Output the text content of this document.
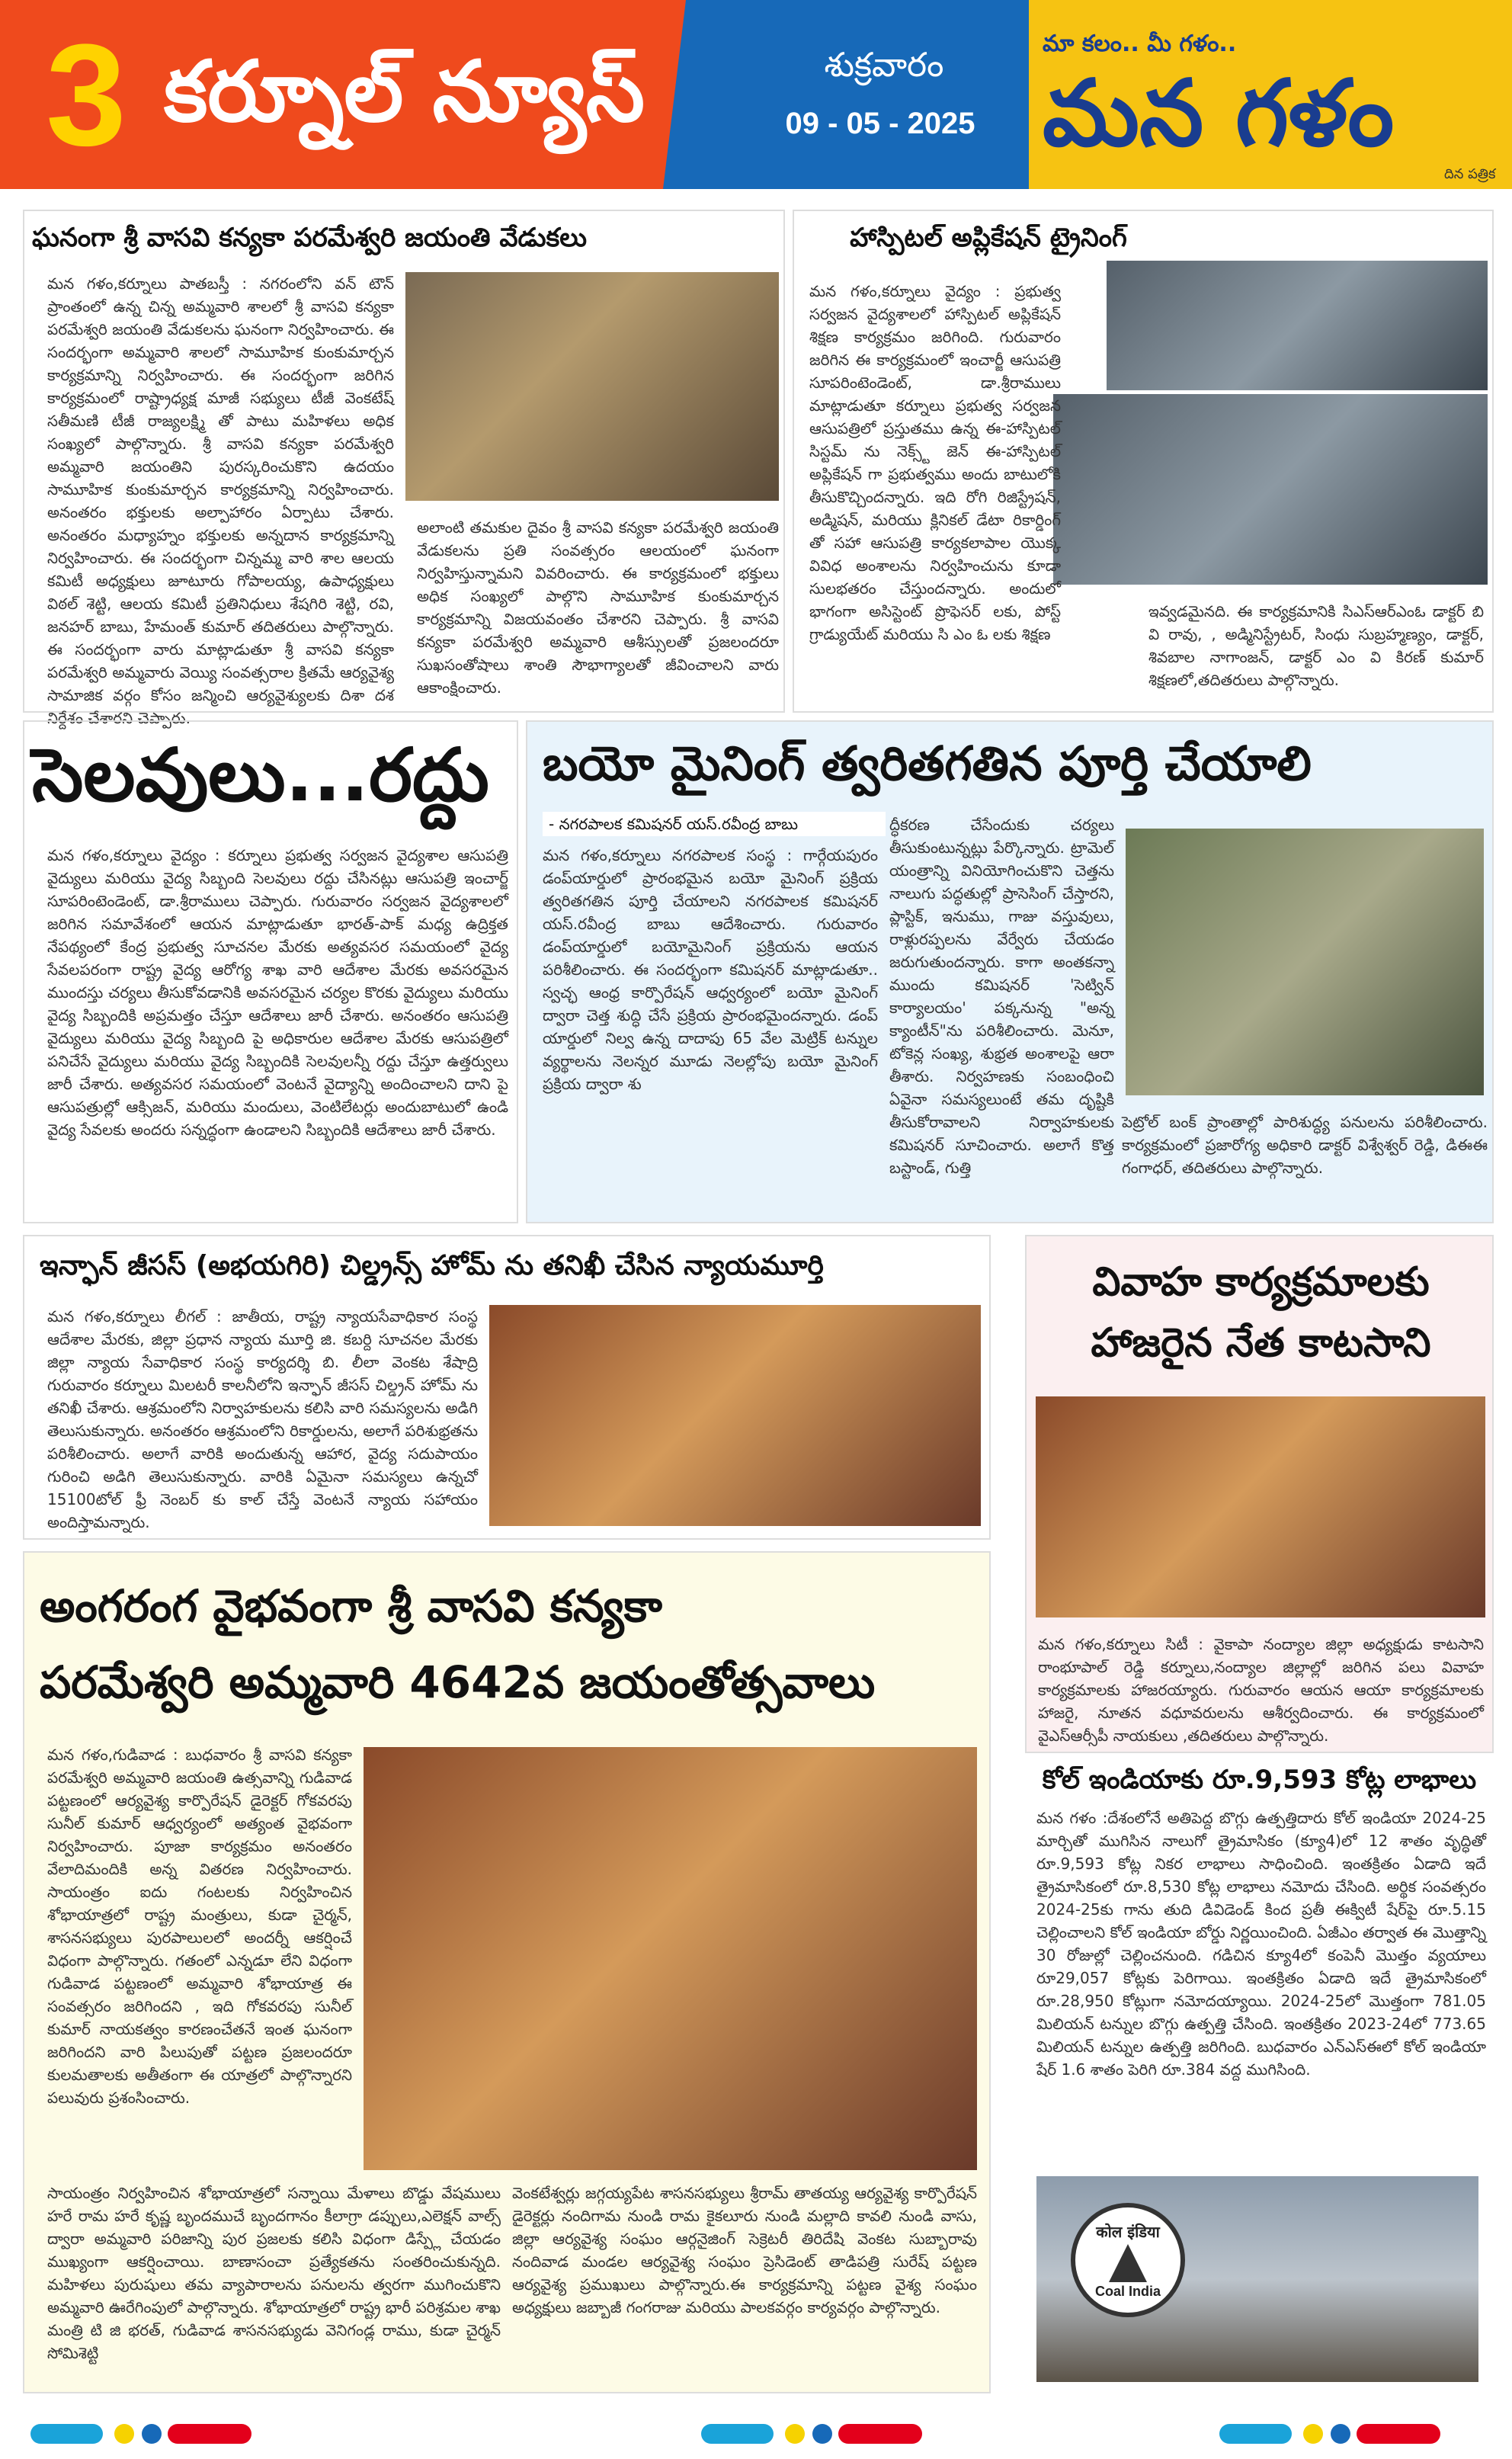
3 కర్నూల్ న్యూస్	శుక్రవారం
09 - 05 - 2025
మా కలం.. మీ గళం..
మన గళం
దిన పత్రిక
ఘనంగా శ్రీ వాసవి కన్యకా పరమేశ్వరి జయంతి వేడుకలు
మన గళం,కర్నూలు పాతబస్తీ : నగరంలోని వన్ టౌన్ ప్రాంతంలో ఉన్న చిన్న అమ్మవారి శాలలో శ్రీ వాసవి కన్యకా పరమేశ్వరి జయంతి వేడుకలను ఘనంగా నిర్వహించారు. ఈ సందర్భంగా అమ్మవారి శాలలో సామూహిక కుంకుమార్చన కార్యక్రమాన్ని నిర్వహించారు. ఈ సందర్భంగా జరిగిన కార్యక్రమంలో రాష్ట్రాధ్యక్ష మాజీ సభ్యులు టీజీ వెంకటేష్ సతీమణి టీజీ రాజ్యలక్ష్మి తో పాటు మహిళలు అధిక సంఖ్యలో పాల్గొన్నారు. శ్రీ వాసవి కన్యకా పరమేశ్వరి అమ్మవారి జయంతిని పురస్కరించుకొని ఉదయం సామూహిక కుంకుమార్చన కార్యక్రమాన్ని నిర్వహించారు. అనంతరం భక్తులకు అల్పాహారం ఏర్పాటు చేశారు. అనంతరం మధ్యాహ్నం భక్తులకు అన్నదాన కార్యక్రమాన్ని నిర్వహించారు. ఈ సందర్భంగా చిన్నమ్మ వారి శాల ఆలయ కమిటీ అధ్యక్షులు జూటూరు గోపాలయ్య, ఉపాధ్యక్షులు విఠల్ శెట్టి, ఆలయ కమిటీ ప్రతినిధులు శేషగిరి శెట్టి, రవి, జనహర్ బాబు, హేమంత్ కుమార్ తదితరులు పాల్గొన్నారు. ఈ సందర్భంగా వారు మాట్లాడుతూ శ్రీ వాసవి కన్యకా పరమేశ్వరి అమ్మవారు వెయ్యి సంవత్సరాల క్రితమే ఆర్యవైశ్య సామాజిక వర్గం కోసం జన్మించి ఆర్యవైశ్యులకు దిశా దశ నిర్దేశం చేశారని చెప్పారు.
అలాంటి తమకుల దైవం శ్రీ వాసవి కన్యకా పరమేశ్వరి జయంతి వేడుకలను ప్రతి సంవత్సరం ఆలయంలో ఘనంగా నిర్వహిస్తున్నామని వివరించారు. ఈ కార్యక్రమంలో భక్తులు అధిక సంఖ్యలో పాల్గొని సామూహిక కుంకుమార్చన కార్యక్రమాన్ని విజయవంతం చేశారని చెప్పారు. శ్రీ వాసవి కన్యకా పరమేశ్వరి అమ్మవారి ఆశీస్సులతో ప్రజలందరూ సుఖసంతోషాలు శాంతి సౌభాగ్యాలతో జీవించాలని వారు ఆకాంక్షించారు.
హాస్పిటల్ అప్లికేషన్ ట్రైనింగ్
మన గళం,కర్నూలు వైద్యం : ప్రభుత్వ సర్వజన వైద్యశాలలో హాస్పిటల్ అప్లికేషన్ శిక్షణ కార్యక్రమం జరిగింది. గురువారం జరిగిన ఈ కార్యక్రమంలో ఇంచార్జీ ఆసుపత్రి సూపరింటెండెంట్, డా.శ్రీరాములు మాట్లాడుతూ కర్నూలు ప్రభుత్వ సర్వజన ఆసుపత్రిలో ప్రస్తుతము ఉన్న ఈ-హాస్పిటల్ సిస్టమ్ ను నెక్స్ట్ జెన్ ఈ-హాస్పిటల్ అప్లికేషన్ గా ప్రభుత్వము అందు బాటులోకి తీసుకొచ్చిందన్నారు. ఇది రోగి రిజిస్ట్రేషన్, అడ్మిషన్, మరియు క్లినికల్ డేటా రికార్డింగ్ తో సహా ఆసుపత్రి కార్యకలాపాల యొక్క వివిధ అంశాలను నిర్వహించును కూడా సులభతరం చేస్తుందన్నారు. అందులో భాగంగా అసిస్టెంట్ ప్రొఫెసర్ లకు, పోస్ట్ గ్రాడ్యుయేట్ మరియు సి ఎం ఓ లకు శిక్షణ
ఇవ్వడమైనది. ఈ కార్యక్రమానికి సిఎస్ఆర్ఎంఓ డాక్టర్ బి వి రావు, , అడ్మినిస్ట్రేటర్, సింధు సుబ్రహ్మణ్యం, డాక్టర్, శివబాల నాగాంజన్, డాక్టర్ ఎం వి కిరణ్ కుమార్ శిక్షణలో,తదితరులు పాల్గొన్నారు.
సెలవులు...రద్దు
మన గళం,కర్నూలు వైద్యం : కర్నూలు ప్రభుత్వ సర్వజన వైద్యశాల ఆసుపత్రి వైద్యులు మరియు వైద్య సిబ్బంది సెలవులు రద్దు చేసినట్లు ఆసుపత్రి ఇంచార్జ్ సూపరింటెండెంట్, డా.శ్రీరాములు చెప్పారు. గురువారం సర్వజన వైద్యశాలలో జరిగిన సమావేశంలో ఆయన మాట్లాడుతూ భారత్-పాక్ మధ్య ఉద్రిక్తత నేపథ్యంలో కేంద్ర ప్రభుత్వ సూచనల మేరకు అత్యవసర సమయంలో వైద్య సేవలపరంగా రాష్ట్ర వైద్య ఆరోగ్య శాఖ వారి ఆదేశాల మేరకు అవసరమైన ముందస్తు చర్యలు తీసుకోవడానికి అవసరమైన చర్యల కొరకు వైద్యులు మరియు వైద్య సిబ్బందికి అప్రమత్తం చేస్తూ ఆదేశాలు జారీ చేశారు. అనంతరం ఆసుపత్రి వైద్యులు మరియు వైద్య సిబ్బంది పై అధికారుల ఆదేశాల మేరకు ఆసుపత్రిలో పనిచేసే వైద్యులు మరియు వైద్య సిబ్బందికి సెలవులన్నీ రద్దు చేస్తూ ఉత్తర్వులు జారీ చేశారు. అత్యవసర సమయంలో వెంటనే వైద్యాన్ని అందించాలని దాని పై ఆసుపత్రుల్లో ఆక్సిజన్, మరియు మందులు, వెంటిలేటర్లు అందుబాటులో ఉండి వైద్య సేవలకు అందరు సన్నద్ధంగా ఉండాలని సిబ్బందికి ఆదేశాలు జారీ చేశారు.
బయో మైనింగ్ త్వరితగతిన పూర్తి చేయాలి
- నగరపాలక కమిషనర్ యస్.రవీంద్ర బాబు
మన గళం,కర్నూలు నగరపాలక సంస్థ : గార్గేయపురం డంప్‌యార్డులో ప్రారంభమైన బయో మైనింగ్ ప్రక్రియ త్వరితగతిన పూర్తి చేయాలని నగరపాలక కమిషనర్ యస్.రవీంద్ర బాబు ఆదేశించారు. గురువారం డంప్‌యార్డులో బయోమైనింగ్ ప్రక్రియను ఆయన పరిశీలించారు. ఈ సందర్భంగా కమిషనర్ మాట్లాడుతూ.. స్వచ్ఛ ఆంధ్ర కార్పొరేషన్ ఆధ్వర్యంలో బయో మైనింగ్ ద్వారా చెత్త శుద్ధి చేసే ప్రక్రియ ప్రారంభమైందన్నారు. డంప్ యార్డులో నిల్వ ఉన్న దాదాపు 65 వేల మెట్రిక్ టన్నుల వ్యర్థాలను నెలన్నర మూడు నెలల్లోపు బయో మైనింగ్ ప్రక్రియ ద్వారా శు
ద్ధీకరణ చేసేందుకు చర్యలు తీసుకుంటున్నట్లు పేర్కొన్నారు. ట్రామెల్ యంత్రాన్ని వినియోగించుకొని చెత్తను నాలుగు పద్ధతుల్లో ప్రాసెసింగ్ చేస్తారని, ప్లాస్టిక్, ఇనుము, గాజు వస్తువులు, రాళ్లురప్పలను వేర్వేరు చేయడం జరుగుతుందన్నారు. కాగా అంతకన్నా ముందు కమిషనర్ 'సెట్విన్ కార్యాలయం' పక్కనున్న "అన్న క్యాంటీన్"ను పరిశీలించారు. మెనూ, టోకెన్ల సంఖ్య, శుభ్రత అంశాలపై ఆరా తీశారు. నిర్వహణకు సంబంధించి ఏవైనా సమస్యలుంటే తమ దృష్టికి తీసుకోరావాలని నిర్వాహకులకు కమిషనర్ సూచించారు. అలాగే కొత్త బస్టాండ్, గుత్తి
పెట్రోల్ బంక్ ప్రాంతాల్లో పారిశుద్ధ్య పనులను పరిశీలించారు. కార్యక్రమంలో ప్రజారోగ్య అధికారి డాక్టర్ విశ్వేశ్వర్ రెడ్డి, డిఈఈ గంగాధర్, తదితరులు పాల్గొన్నారు.
ఇన్ఫాన్ జీసస్ (అభయగిరి) చిల్డ్రన్స్ హోమ్ ను తనిఖీ చేసిన న్యాయమూర్తి
మన గళం,కర్నూలు లీగల్ : జాతీయ, రాష్ట్ర న్యాయసేవాధికార సంస్థ ఆదేశాల మేరకు, జిల్లా ప్రధాన న్యాయ మూర్తి జి. కబర్ది సూచనల మేరకు జిల్లా న్యాయ సేవాధికార సంస్థ కార్యదర్శి బి. లీలా వెంకట శేషాద్రి గురువారం కర్నూలు మిలటరీ కాలనీలోని ఇన్ఫాన్ జీసస్ చిల్డ్రన్ హోమ్ ను తనిఖీ చేశారు. ఆశ్రమంలోని నిర్వాహకులను కలిసి వారి సమస్యలను అడిగి తెలుసుకున్నారు. అనంతరం ఆశ్రమంలోని రికార్డులను, అలాగే పరిశుభ్రతను పరిశీలించారు. అలాగే వారికి అందుతున్న ఆహార, వైద్య సదుపాయం గురించి అడిగి తెలుసుకున్నారు. వారికి ఏమైనా సమస్యలు ఉన్నచో 15100టోల్ ఫ్రీ నెంబర్ కు కాల్ చేస్తే వెంటనే న్యాయ సహాయం అందిస్తామన్నారు.
వివాహ కార్యక్రమాలకు హాజరైన నేత కాటసాని
మన గళం,కర్నూలు సిటీ : వైకాపా నంద్యాల జిల్లా అధ్యక్షుడు కాటసాని రాంభూపాల్ రెడ్డి కర్నూలు,నంద్యాల జిల్లాల్లో జరిగిన పలు వివాహ కార్యక్రమాలకు హాజరయ్యారు. గురువారం ఆయన ఆయా కార్యక్రమాలకు హాజరై, నూతన వధూవరులను ఆశీర్వదించారు. ఈ కార్యక్రమంలో వైఎస్ఆర్సీపీ నాయకులు ,తదితరులు పాల్గొన్నారు.
అంగరంగ వైభవంగా శ్రీ వాసవి కన్యకా
పరమేశ్వరి అమ్మవారి 4642వ జయంతోత్సవాలు
మన గళం,గుడివాడ : బుధవారం శ్రీ వాసవి కన్యకా పరమేశ్వరి అమ్మవారి జయంతి ఉత్సవాన్ని గుడివాడ పట్టణంలో ఆర్యవైశ్య కార్పొరేషన్ డైరెక్టర్ గోకవరపు సునీల్ కుమార్ ఆధ్వర్యంలో అత్యంత వైభవంగా నిర్వహించారు. పూజా కార్యక్రమం అనంతరం వేలాదిమందికి అన్న వితరణ నిర్వహించారు. సాయంత్రం ఐదు గంటలకు నిర్వహించిన శోభాయాత్రలో రాష్ట్ర మంత్రులు, కుడా చైర్మన్, శాసనసభ్యులు పురపాలులలో అందర్నీ ఆకర్షించే విధంగా పాల్గొన్నారు. గతంలో ఎన్నడూ లేని విధంగా గుడివాడ పట్టణంలో అమ్మవారి శోభాయాత్ర ఈ సంవత్సరం జరిగిందని , ఇది గోకవరపు సునీల్ కుమార్ నాయకత్వం కారణంచేతనే ఇంత ఘనంగా జరిగిందని వారి పిలుపుతో పట్టణ ప్రజలందరూ కులమతాలకు అతీతంగా ఈ యాత్రలో పాల్గొన్నారని పలువురు ప్రశంసించారు.
సాయంత్రం నిర్వహించిన శోభాయాత్రలో సన్నాయి మేళాలు బొడ్డు వేషములు హరే రామ హరే కృష్ణ బృందముచే బృందగానం కీలాగ్రా డప్పులు,ఎలెక్షన్ వాల్స్ ద్వారా అమ్మవారి పరిజాన్ని పుర ప్రజలకు కలిసి విధంగా డిస్ప్లే చేయడం ముఖ్యంగా ఆకర్షించాయి. బాణాసంచా ప్రత్యేకతను సంతరించుకున్నది. మహిళలు పురుషులు తమ వ్యాపారాలను పనులను త్వరగా ముగించుకొని అమ్మవారి ఊరేగింపులో పాల్గొన్నారు. శోభాయాత్రలో రాష్ట్ర భారీ పరిశ్రమల శాఖ మంత్రి టి జి భరత్, గుడివాడ శాసనసభ్యుడు వెనిగండ్ల రాము, కుడా చైర్మన్ సోమిశెట్టి
వెంకటేశ్వర్లు జగ్గయ్యపేట శాసనసభ్యులు శ్రీరామ్ తాతయ్య ఆర్యవైశ్య కార్పొరేషన్ డైరెక్టర్లు నందిగామ నుండి రామ కైకలూరు నుండి మల్లాది కావలి నుండి వాసు, జిల్లా ఆర్యవైశ్య సంఘం ఆర్గనైజింగ్ సెక్రెటరీ తిరిదేషి వెంకట సుబ్బారావు నందివాడ మండల ఆర్యవైశ్య సంఘం ప్రెసిడెంట్ తాడిపత్రి సురేష్ పట్టణ ఆర్యవైశ్య ప్రముఖులు పాల్గొన్నారు.ఈ కార్యక్రమాన్ని పట్టణ వైశ్య సంఘం అధ్యక్షులు జబ్బాజీ గంగరాజు మరియు పాలకవర్గం కార్యవర్గం పాల్గొన్నారు.
కోల్ ఇండియాకు రూ.9,593 కోట్ల లాభాలు
మన గళం :దేశంలోనే అతిపెద్ద బొగ్గు ఉత్పత్తిదారు కోల్ ఇండియా 2024-25 మార్చితో ముగిసిన నాలుగో త్రైమాసికం (క్యూ4)లో 12 శాతం వృద్ధితో రూ.9,593 కోట్ల నికర లాభాలు సాధించింది. ఇంతక్రితం ఏడాది ఇదే త్రైమాసికంలో రూ.8,530 కోట్ల లాభాలు నమోదు చేసింది. అర్థిక సంవత్సరం 2024-25కు గాను తుది డివిడెండ్ కింద ప్రతీ ఈక్విటీ షేర్‌పై రూ.5.15 చెల్లించాలని కోల్ ఇండియా బోర్డు నిర్ణయించింది. ఏజీఎం తర్వాత ఈ మొత్తాన్ని 30 రోజుల్లో చెల్లించనుంది. గడిచిన క్యూ4లో కంపెనీ మొత్తం వ్యయాలు రూ29,057 కోట్లకు పెరిగాయి. ఇంతక్రితం ఏడాది ఇదే త్రైమాసికంలో రూ.28,950 కోట్లుగా నమోదయ్యాయి. 2024-25లో మొత్తంగా 781.05 మిలియన్ టన్నుల బొగ్గు ఉత్పత్తి చేసింది. ఇంతక్రితం 2023-24లో 773.65 మిలియన్ టన్నుల ఉత్పత్తి జరిగింది. బుధవారం ఎన్ఎస్ఈలో కోల్ ఇండియా షేర్ 1.6 శాతం పెరిగి రూ.384 వద్ద ముగిసింది.
कोल इंडिया
Coal India
